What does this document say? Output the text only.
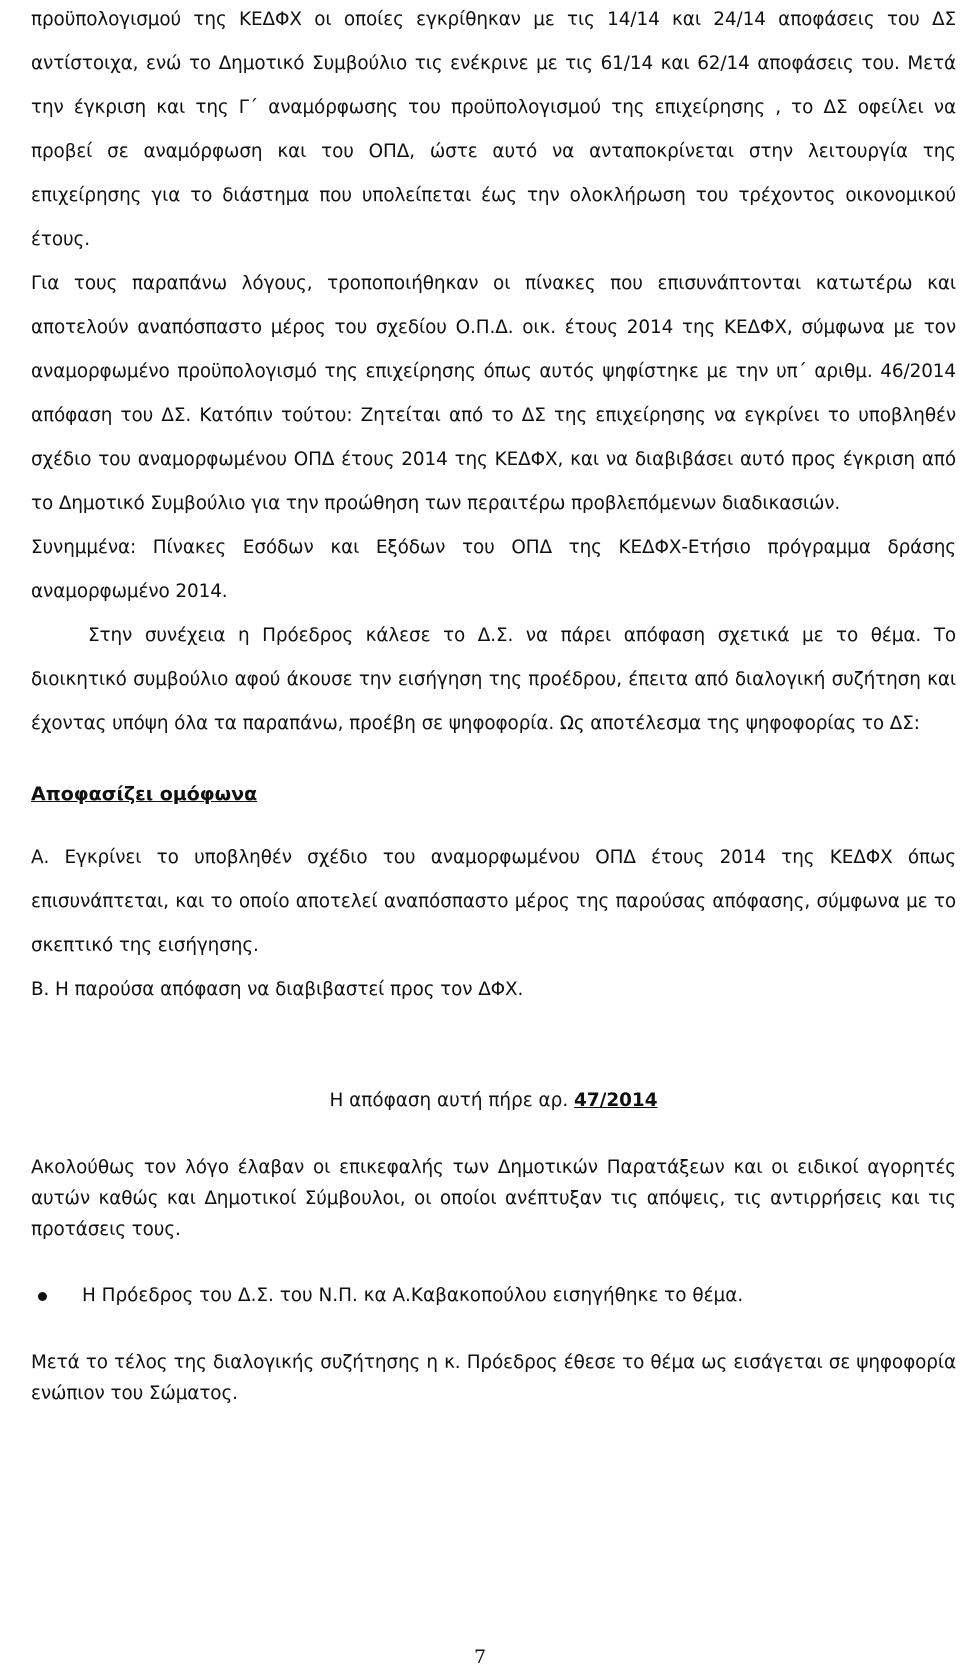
προϋπολογισμού της ΚΕΔΦΧ οι οποίες εγκρίθηκαν με τις 14/14 και 24/14 αποφάσεις του ΔΣ αντίστοιχα, ενώ το Δημοτικό Συμβούλιο τις ενέκρινε με τις 61/14 και 62/14 αποφάσεις του. Μετά την έγκριση και της Γ΄ αναμόρφωσης του προϋπολογισμού της επιχείρησης , το ΔΣ οφείλει να προβεί σε αναμόρφωση και του ΟΠΔ, ώστε αυτό να ανταποκρίνεται στην λειτουργία της επιχείρησης για το διάστημα που υπολείπεται έως την ολοκλήρωση του τρέχοντος οικονομικού έτους.

Για τους παραπάνω λόγους, τροποποιήθηκαν οι πίνακες που επισυνάπτονται κατωτέρω και αποτελούν αναπόσπαστο μέρος του σχεδίου Ο.Π.Δ. οικ. έτους 2014 της ΚΕΔΦΧ, σύμφωνα με τον αναμορφωμένο προϋπολογισμό της επιχείρησης όπως αυτός ψηφίστηκε με την υπ΄ αριθμ. 46/2014 απόφαση του ΔΣ. Κατόπιν τούτου: Ζητείται από το ΔΣ της επιχείρησης να εγκρίνει το υποβληθέν σχέδιο του αναμορφωμένου ΟΠΔ έτους 2014 της ΚΕΔΦΧ, και να διαβιβάσει αυτό προς έγκριση από το Δημοτικό Συμβούλιο για την προώθηση των περαιτέρω προβλεπόμενων διαδικασιών.

Συνημμένα: Πίνακες Εσόδων και Εξόδων του ΟΠΔ της ΚΕΔΦΧ-Ετήσιο πρόγραμμα δράσης αναμορφωμένο 2014.

Στην συνέχεια η Πρόεδρος κάλεσε το Δ.Σ. να πάρει απόφαση σχετικά με το θέμα. Το διοικητικό συμβούλιο αφού άκουσε την εισήγηση της προέδρου, έπειτα από διαλογική συζήτηση και έχοντας υπόψη όλα τα παραπάνω, προέβη σε ψηφοφορία. Ως αποτέλεσμα της ψηφοφορίας το ΔΣ:

Αποφασίζει ομόφωνα

Α. Εγκρίνει το υποβληθέν σχέδιο του αναμορφωμένου ΟΠΔ έτους 2014 της ΚΕΔΦΧ όπως επισυνάπτεται, και το οποίο αποτελεί αναπόσπαστο μέρος της παρούσας απόφασης, σύμφωνα με το σκεπτικό της εισήγησης.

Β. Η παρούσα απόφαση να διαβιβαστεί προς τον ΔΦΧ.

Η απόφαση αυτή πήρε αρ. 47/2014

Ακολούθως τον λόγο έλαβαν οι επικεφαλής των Δημοτικών Παρατάξεων και οι ειδικοί αγορητές αυτών καθώς και Δημοτικοί Σύμβουλοι, οι οποίοι ανέπτυξαν τις απόψεις, τις αντιρρήσεις και τις προτάσεις τους.

Η Πρόεδρος του Δ.Σ. του Ν.Π. κα Α.Καβακοπούλου εισηγήθηκε το θέμα.

Μετά το τέλος της διαλογικής συζήτησης η κ. Πρόεδρος έθεσε το θέμα ως εισάγεται σε ψηφοφορία ενώπιον του Σώματος.

7
